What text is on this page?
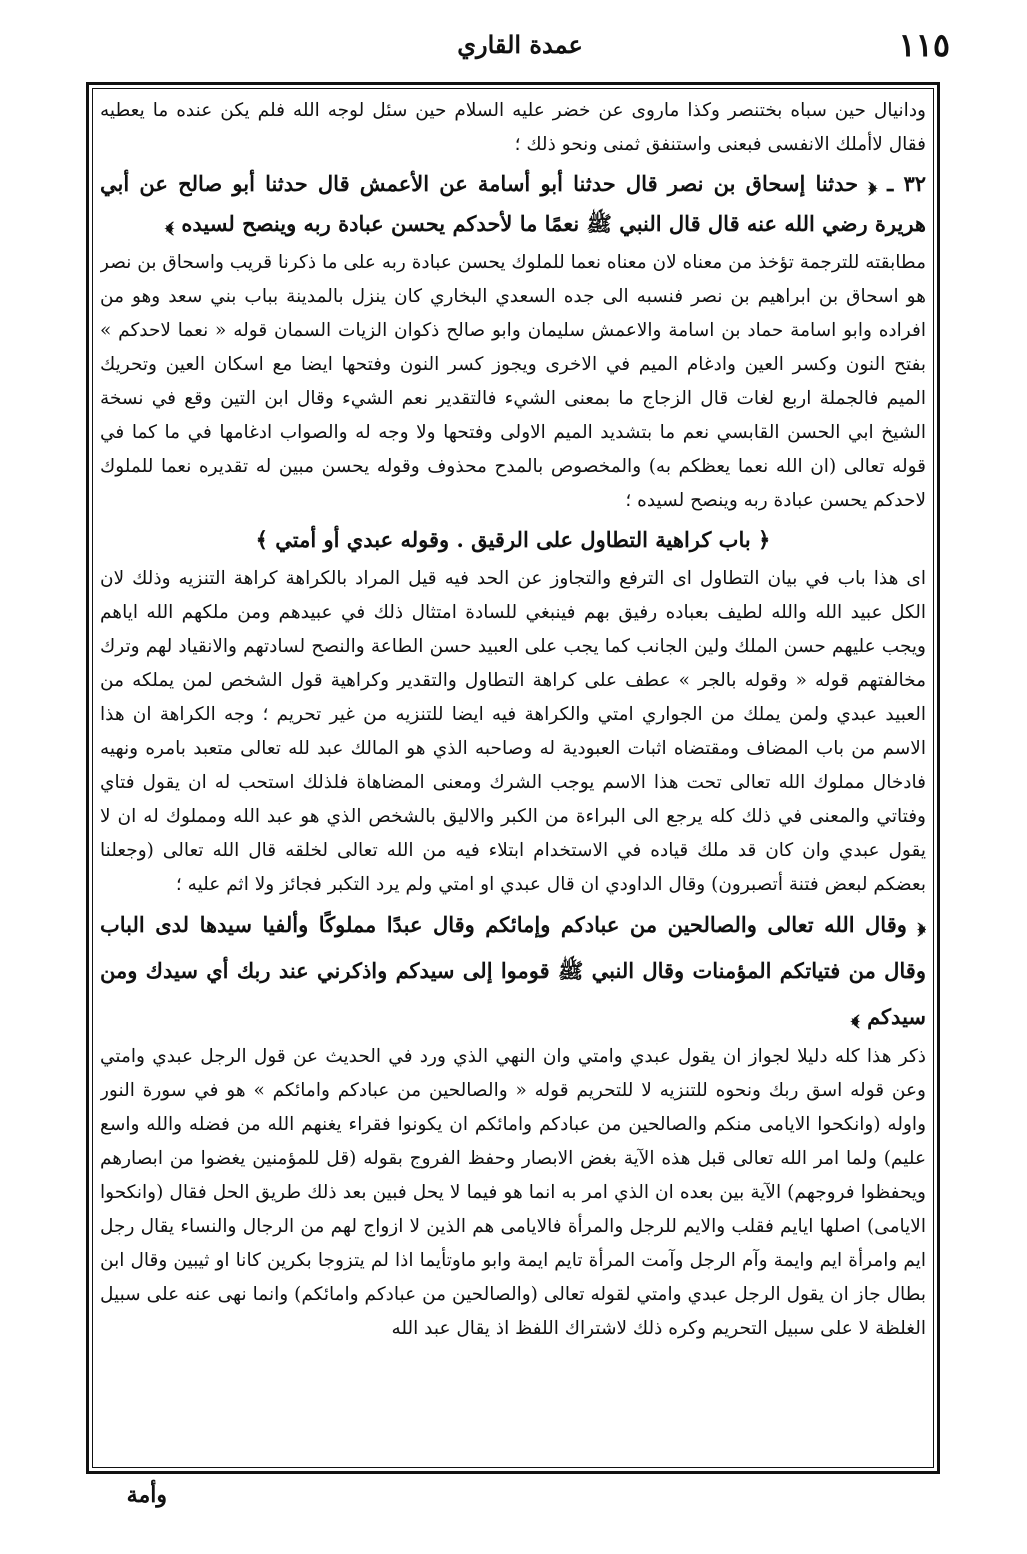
١١٥
عمدة القاري

ودانيال حين سباه بختنصر وكذا ماروى عن خضر عليه السلام حين سئل لوجه الله فلم يكن عنده ما يعطيه فقال لاأملك الانفسى فبعنى واستنفق ثمنى ونحو ذلك ؛

٣٢ ـ ﴿ حدثنا إسحاق بن نصر قال حدثنا أبو أسامة عن الأعمش قال حدثنا أبو صالح عن أبي هريرة رضي الله عنه قال قال النبي ﷺ نعمًا ما لأحدكم يحسن عبادة ربه وينصح لسيده ﴾

مطابقته للترجمة تؤخذ من معناه لان معناه نعما للملوك يحسن عبادة ربه على ما ذكرنا قريب واسحاق بن نصر هو اسحاق بن ابراهيم بن نصر فنسبه الى جده السعدي البخاري كان ينزل بالمدينة بباب بني سعد وهو من افراده وابو اسامة حماد بن اسامة والاعمش سليمان وابو صالح ذكوان الزيات السمان قوله « نعما لاحدكم » بفتح النون وكسر العين وادغام الميم في الاخرى ويجوز كسر النون وفتحها ايضا مع اسكان العين وتحريك الميم فالجملة اربع لغات قال الزجاج ما بمعنى الشيء فالتقدير نعم الشيء وقال ابن التين وقع في نسخة الشيخ ابي الحسن القابسي نعم ما بتشديد الميم الاولى وفتحها ولا وجه له والصواب ادغامها في ما كما في قوله تعالى (ان الله نعما يعظكم به) والمخصوص بالمدح محذوف وقوله يحسن مبين له تقديره نعما للملوك لاحدكم يحسن عبادة ربه وينصح لسيده ؛

﴿ باب كراهية التطاول على الرقيق . وقوله عبدي أو أمتي ﴾

اى هذا باب في بيان التطاول اى الترفع والتجاوز عن الحد فيه قيل المراد بالكراهة كراهة التنزيه وذلك لان الكل عبيد الله والله لطيف بعباده رفيق بهم فينبغي للسادة امتثال ذلك في عبيدهم ومن ملكهم الله اياهم ويجب عليهم حسن الملك ولين الجانب كما يجب على العبيد حسن الطاعة والنصح لسادتهم والانقياد لهم وترك مخالفتهم قوله « وقوله بالجر » عطف على كراهة التطاول والتقدير وكراهية قول الشخص لمن يملكه من العبيد عبدي ولمن يملك من الجواري امتي والكراهة فيه ايضا للتنزيه من غير تحريم ؛ وجه الكراهة ان هذا الاسم من باب المضاف ومقتضاه اثبات العبودية له وصاحبه الذي هو المالك عبد لله تعالى متعبد بامره ونهيه فادخال مملوك الله تعالى تحت هذا الاسم يوجب الشرك ومعنى المضاهاة فلذلك استحب له ان يقول فتاي وفتاتي والمعنى في ذلك كله يرجع الى البراءة من الكبر والاليق بالشخص الذي هو عبد الله ومملوك له ان لا يقول عبدي وان كان قد ملك قياده في الاستخدام ابتلاء فيه من الله تعالى لخلقه قال الله تعالى (وجعلنا بعضكم لبعض فتنة أتصبرون) وقال الداودي ان قال عبدي او امتي ولم يرد التكبر فجائز ولا اثم عليه ؛

﴿ وقال الله تعالى والصالحين من عبادكم وإمائكم وقال عبدًا مملوكًا وألفيا سيدها لدى الباب وقال من فتياتكم المؤمنات وقال النبي ﷺ قوموا إلى سيدكم واذكرني عند ربك أي سيدك ومن سيدكم ﴾

ذكر هذا كله دليلا لجواز ان يقول عبدي وامتي وان النهي الذي ورد في الحديث عن قول الرجل عبدي وامتي وعن قوله اسق ربك ونحوه للتنزيه لا للتحريم قوله « والصالحين من عبادكم وامائكم » هو في سورة النور واوله (وانكحوا الايامى منكم والصالحين من عبادكم وامائكم ان يكونوا فقراء يغنهم الله من فضله والله واسع عليم) ولما امر الله تعالى قبل هذه الآية بغض الابصار وحفظ الفروج بقوله (قل للمؤمنين يغضوا من ابصارهم ويحفظوا فروجهم) الآية بين بعده ان الذي امر به انما هو فيما لا يحل فبين بعد ذلك طريق الحل فقال (وانكحوا الايامى) اصلها ايايم فقلب والايم للرجل والمرأة فالايامى هم الذين لا ازواج لهم من الرجال والنساء يقال رجل ايم وامرأة ايم وايمة وآم الرجل وآمت المرأة تايم ايمة وابو ماوتأيما اذا لم يتزوجا بكرين كانا او ثيبين وقال ابن بطال جاز ان يقول الرجل عبدي وامتي لقوله تعالى (والصالحين من عبادكم وامائكم) وانما نهى عنه على سبيل الغلظة لا على سبيل التحريم وكره ذلك لاشتراك اللفظ اذ يقال عبد الله

وأمة
